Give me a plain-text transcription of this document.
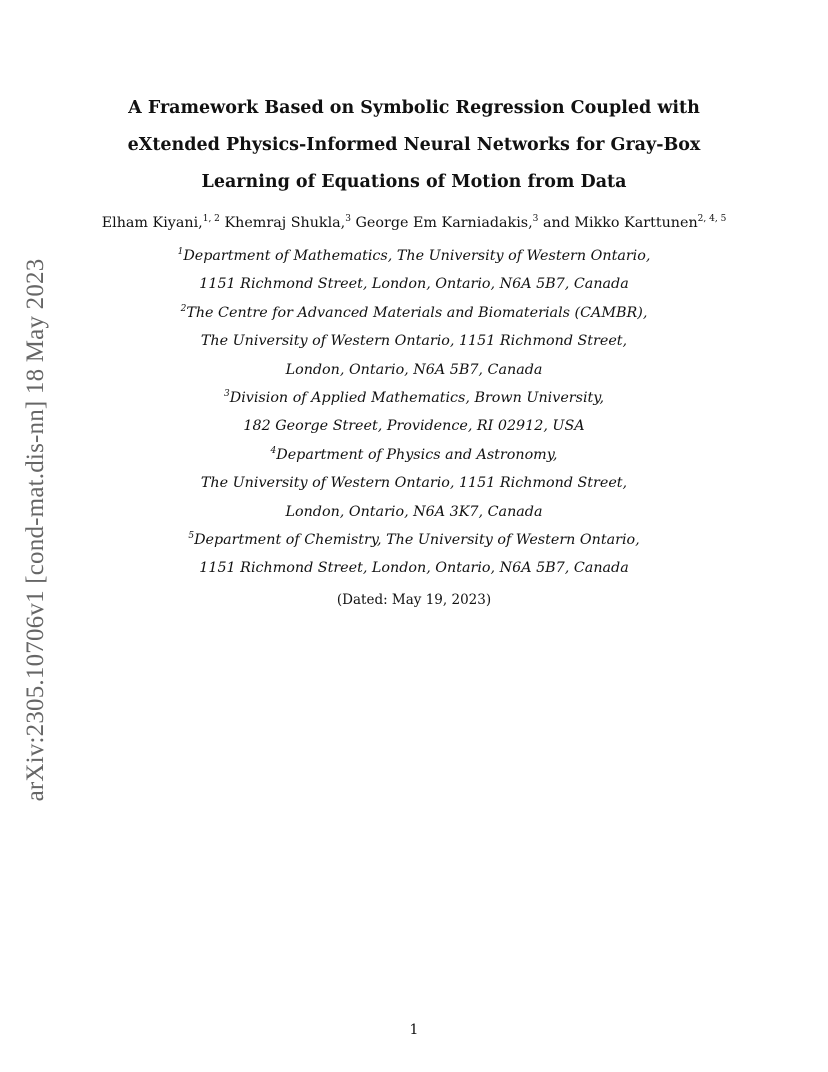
arXiv:2305.10706v1 [cond-mat.dis-nn] 18 May 2023
A Framework Based on Symbolic Regression Coupled with
eXtended Physics-Informed Neural Networks for Gray-Box
Learning of Equations of Motion from Data
Elham Kiyani,$^{1, 2}$ Khemraj Shukla,$^3$ George Em Karniadakis,$^3$ and Mikko Karttunen$^{2, 4, 5}$
$^1$Department of Mathematics, The University of Western Ontario,
1151 Richmond Street, London, Ontario, N6A 5B7, Canada
$^2$The Centre for Advanced Materials and Biomaterials (CAMBR),
The University of Western Ontario, 1151 Richmond Street,
London, Ontario, N6A 5B7, Canada
$^3$Division of Applied Mathematics, Brown University,
182 George Street, Providence, RI 02912, USA
$^4$Department of Physics and Astronomy,
The University of Western Ontario, 1151 Richmond Street,
London, Ontario, N6A 3K7, Canada
$^5$Department of Chemistry, The University of Western Ontario,
1151 Richmond Street, London, Ontario, N6A 5B7, Canada
(Dated: May 19, 2023)
1
